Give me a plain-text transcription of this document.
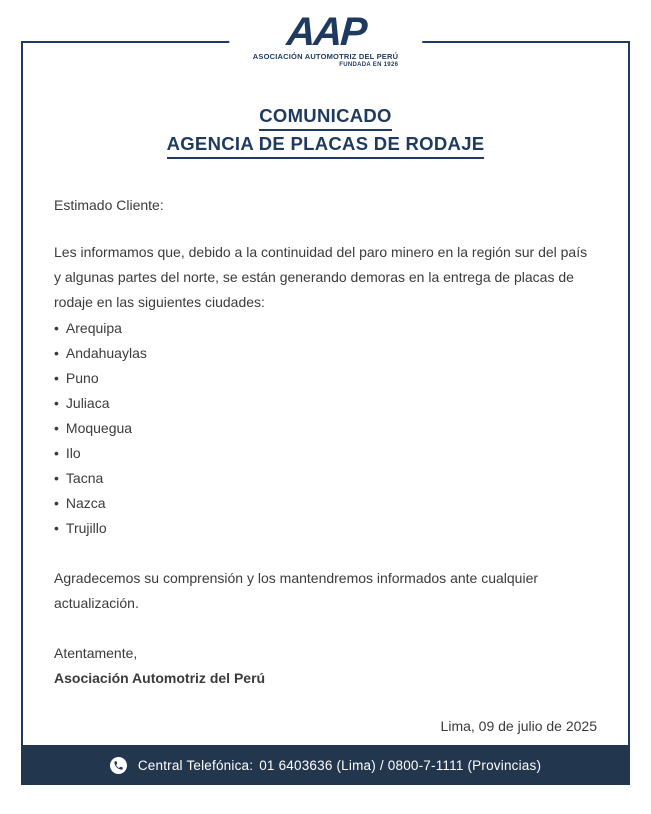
AAP
ASOCIACIÓN AUTOMOTRIZ DEL PERÚ
FUNDADA EN 1926
COMUNICADO
AGENCIA DE PLACAS DE RODAJE

Estimado Cliente:

Les informamos que, debido a la continuidad del paro minero en la región sur del país y algunas partes del norte, se están generando demoras en la entrega de placas de rodaje en las siguientes ciudades:

• Arequipa
• Andahuaylas
• Puno
• Juliaca
• Moquegua
• Ilo
• Tacna
• Nazca
• Trujillo

Agradecemos su comprensión y los mantendremos informados ante cualquier actualización.

Atentamente,

Asociación Automotriz del Perú

Lima, 09 de julio de 2025

Central Telefónica: 01 6403636 (Lima) / 0800-7-1111 (Provincias)
